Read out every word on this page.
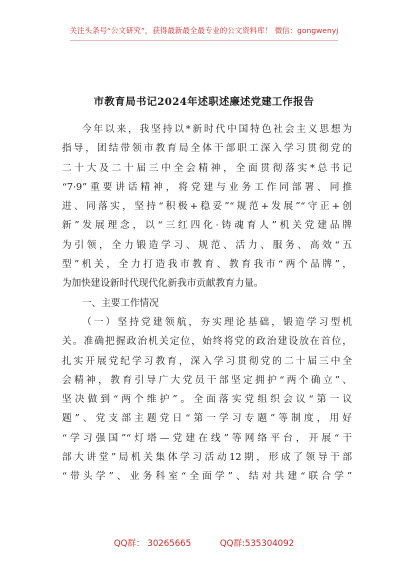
关注头条号“公文研究”，获得最新最全最专业的公文资料库！ 微信：gongwenyj
市教育局书记2024年述职述廉述党建工作报告
今年以来，我坚持以*新时代中国特色社会主义思想为
指导，团结带领市教育局全体干部职工深入学习贯彻党的
二十大及二十届三中全会精神，全面贯彻落实*总书记
“7·9”重要讲话精神，将党建与业务工作同部署、同推
进、同落实，坚持“积极+稳妥”“规范+发展”“守正+创
新”发展理念，以“三红四化·铸魂育人”机关党建品牌
为引领，全力锻造学习、规范、活力、服务、高效“五
型”机关，全力打造我市教育、教育我市“两个品牌”，
为加快建设新时代现代化新我市贡献教育力量。
一、主要工作情况
（一）坚持党建领航，夯实理论基础，锻造学习型机
关。准确把握政治机关定位，始终将党的政治建设放在首位，
扎实开展党纪学习教育，深入学习贯彻党的二十届三中全
会精神，教育引导广大党员干部坚定拥护“两个确立”、
坚决做到“两个维护”。全面落实党组织会议“第一议
题”、党支部主题党日“第一学习专题”等制度，用好
“学习强国”“灯塔—党建在线”等网络平台，开展“干
部大讲堂”局机关集体学习活动12期，形成了领导干部
“带头学”、业务科室“全面学”、结对共建“联合学”
QQ群： 30265665	QQ群:535304092
